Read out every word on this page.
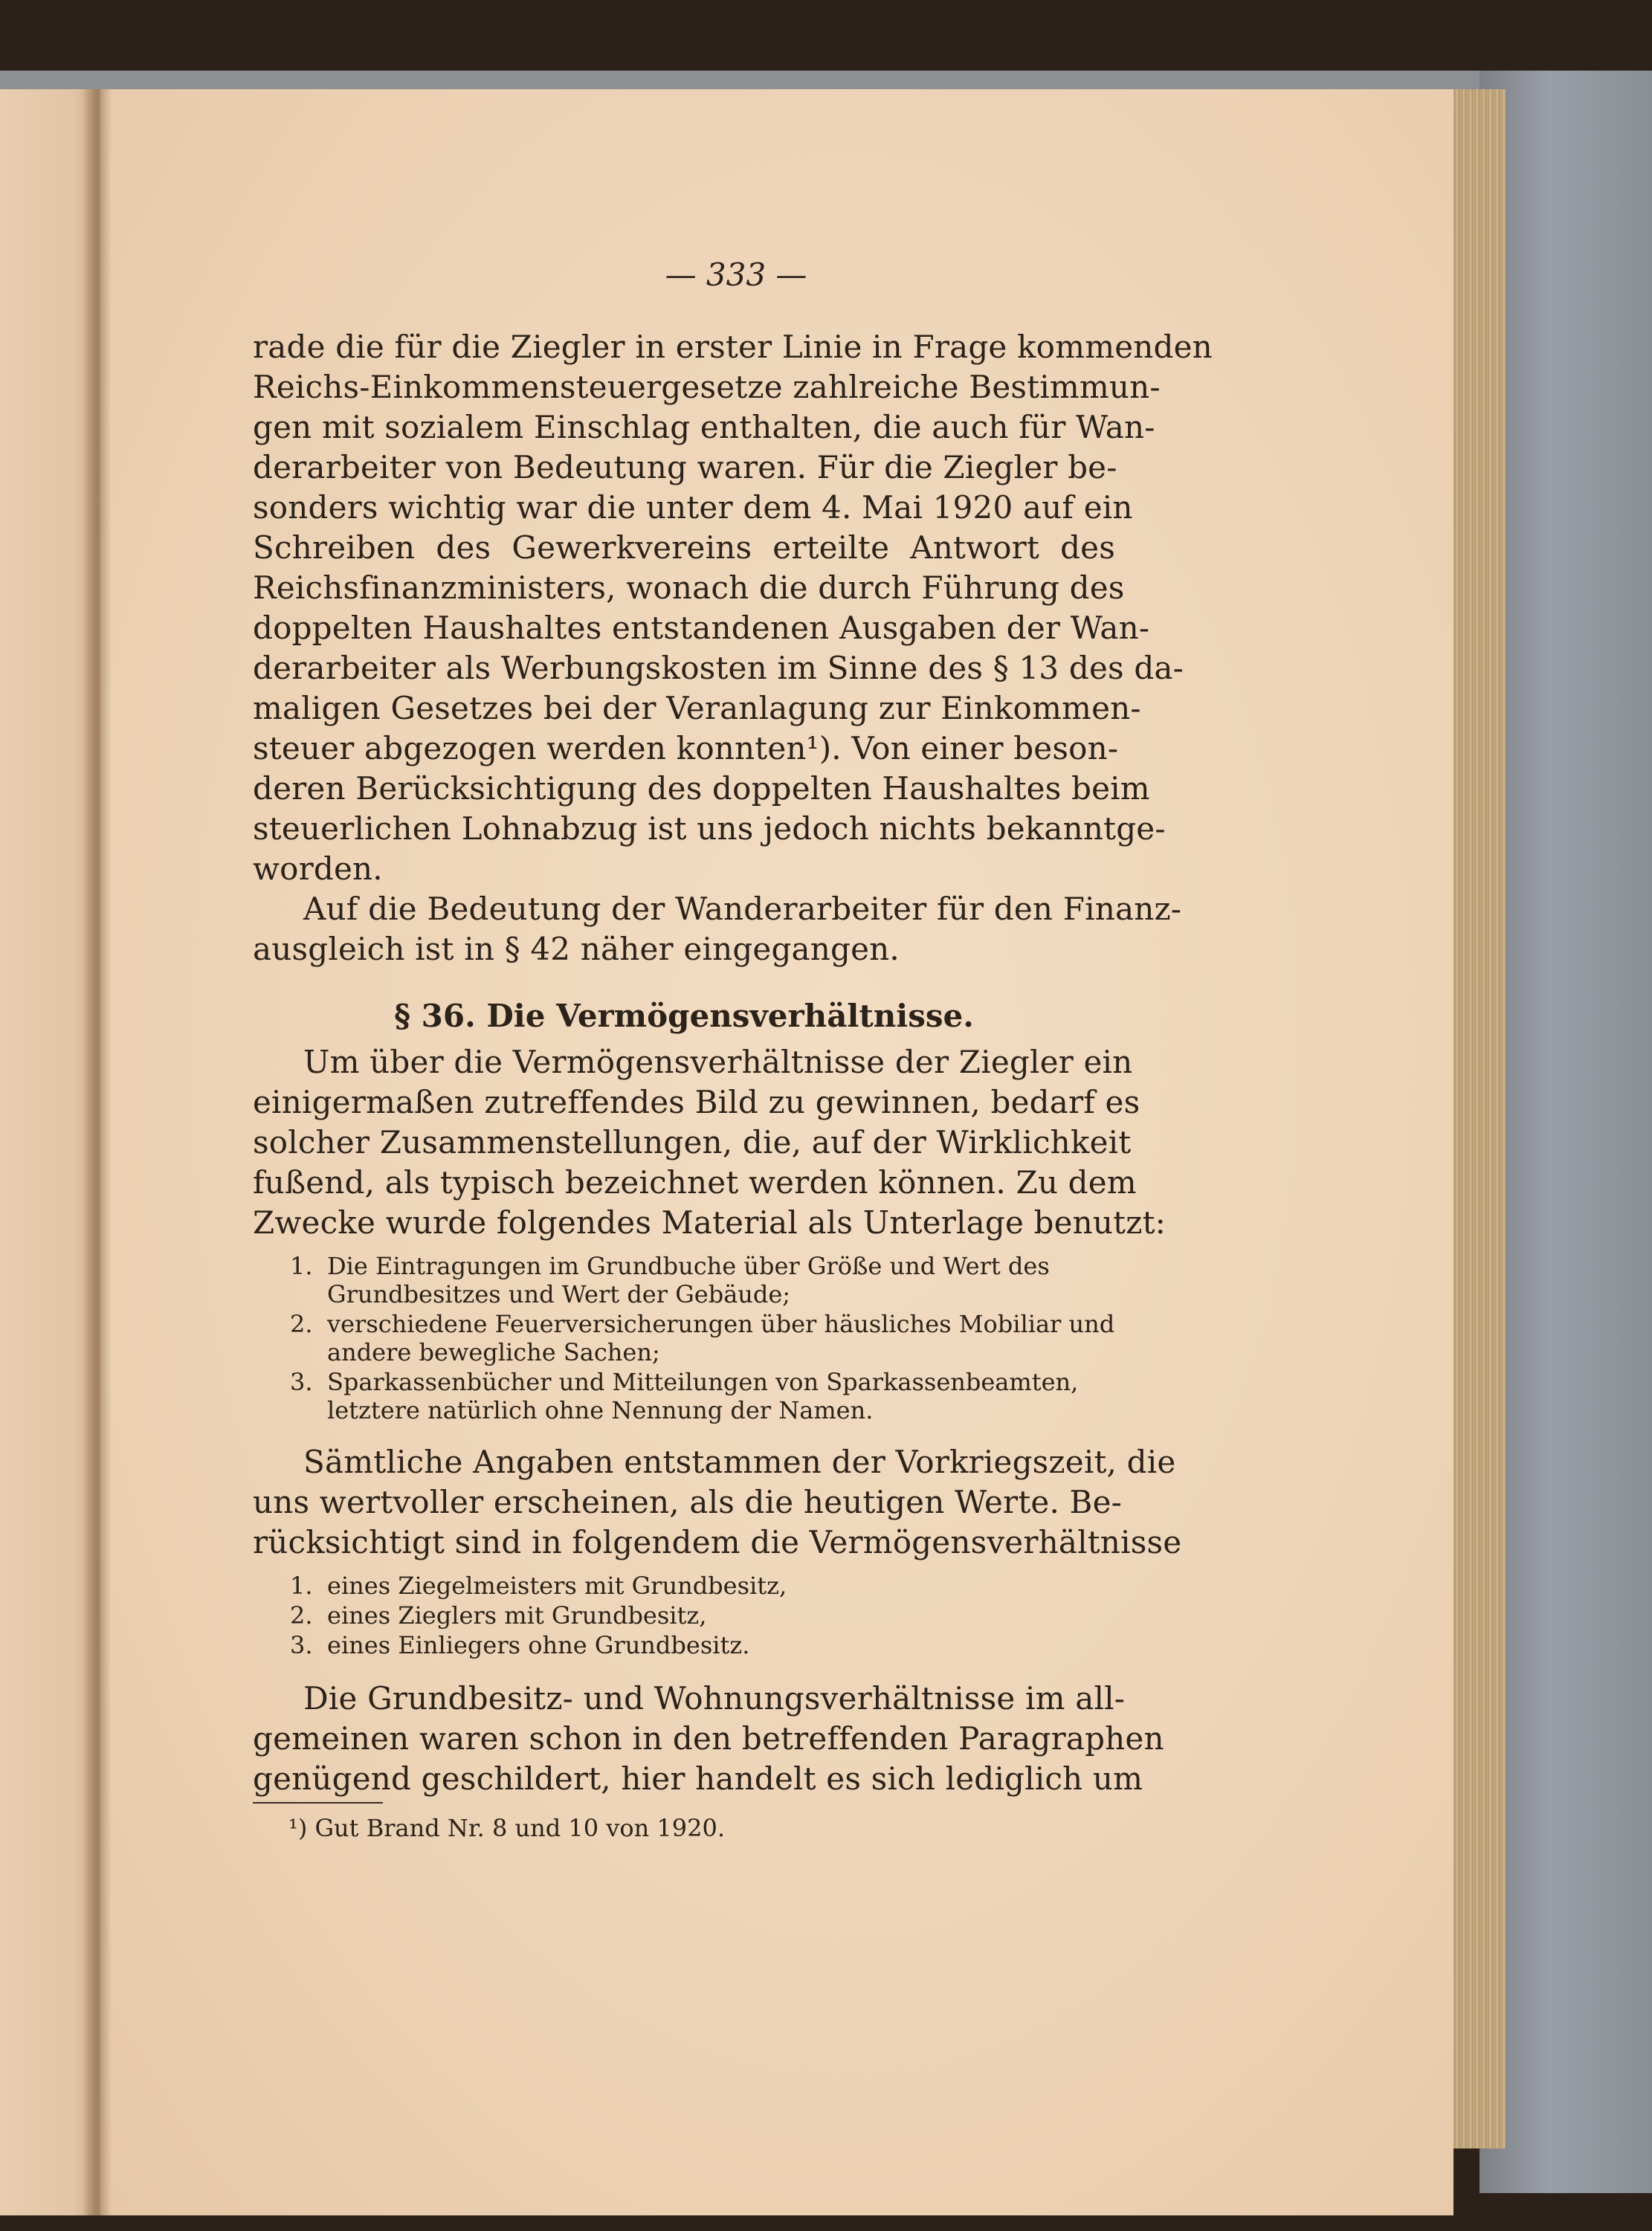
— 333 —
rade die für die Ziegler in erster Linie in Frage kommenden
Reichs-Einkommensteuergesetze zahlreiche Bestimmun-
gen mit sozialem Einschlag enthalten, die auch für Wan-
derarbeiter von Bedeutung waren. Für die Ziegler be-
sonders wichtig war die unter dem 4. Mai 1920 auf ein
Schreiben des Gewerkvereins erteilte Antwort des
Reichsfinanzministers, wonach die durch Führung des
doppelten Haushaltes entstandenen Ausgaben der Wan-
derarbeiter als Werbungskosten im Sinne des § 13 des da-
maligen Gesetzes bei der Veranlagung zur Einkommen-
steuer abgezogen werden konnten¹). Von einer beson-
deren Berücksichtigung des doppelten Haushaltes beim
steuerlichen Lohnabzug ist uns jedoch nichts bekanntge-
worden.
Auf die Bedeutung der Wanderarbeiter für den Finanz-
ausgleich ist in § 42 näher eingegangen.
§ 36. Die Vermögensverhältnisse.
Um über die Vermögensverhältnisse der Ziegler ein
einigermaßen zutreffendes Bild zu gewinnen, bedarf es
solcher Zusammenstellungen, die, auf der Wirklichkeit
fußend, als typisch bezeichnet werden können. Zu dem
Zwecke wurde folgendes Material als Unterlage benutzt:
1. Die Eintragungen im Grundbuche über Größe und Wert des
Grundbesitzes und Wert der Gebäude;
2. verschiedene Feuerversicherungen über häusliches Mobiliar und
andere bewegliche Sachen;
3. Sparkassenbücher und Mitteilungen von Sparkassenbeamten,
letztere natürlich ohne Nennung der Namen.
Sämtliche Angaben entstammen der Vorkriegszeit, die
uns wertvoller erscheinen, als die heutigen Werte. Be-
rücksichtigt sind in folgendem die Vermögensverhältnisse
1. eines Ziegelmeisters mit Grundbesitz,
2. eines Zieglers mit Grundbesitz,
3. eines Einliegers ohne Grundbesitz.
Die Grundbesitz- und Wohnungsverhältnisse im all-
gemeinen waren schon in den betreffenden Paragraphen
genügend geschildert, hier handelt es sich lediglich um
¹) Gut Brand Nr. 8 und 10 von 1920.
